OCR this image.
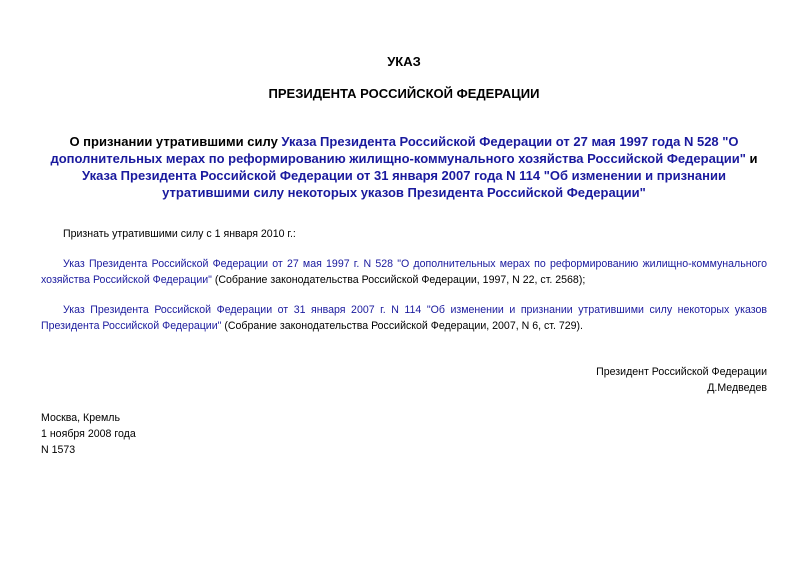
УКАЗ

ПРЕЗИДЕНТА РОССИЙСКОЙ ФЕДЕРАЦИИ

О признании утратившими силу Указа Президента Российской Федерации от 27 мая 1997 года N 528 "О дополнительных мерах по реформированию жилищно-коммунального хозяйства Российской Федерации" и Указа Президента Российской Федерации от 31 января 2007 года N 114 "Об изменении и признании утратившими силу некоторых указов Президента Российской Федерации"

Признать утратившими силу с 1 января 2010 г.:

Указ Президента Российской Федерации от 27 мая 1997 г. N 528 "О дополнительных мерах по реформированию жилищно-коммунального хозяйства Российской Федерации" (Собрание законодательства Российской Федерации, 1997, N 22, ст. 2568);

Указ Президента Российской Федерации от 31 января 2007 г. N 114 "Об изменении и признании утратившими силу некоторых указов Президента Российской Федерации" (Собрание законодательства Российской Федерации, 2007, N 6, ст. 729).

Президент Российской Федерации
Д.Медведев
Москва, Кремль
1 ноября 2008 года
N 1573
